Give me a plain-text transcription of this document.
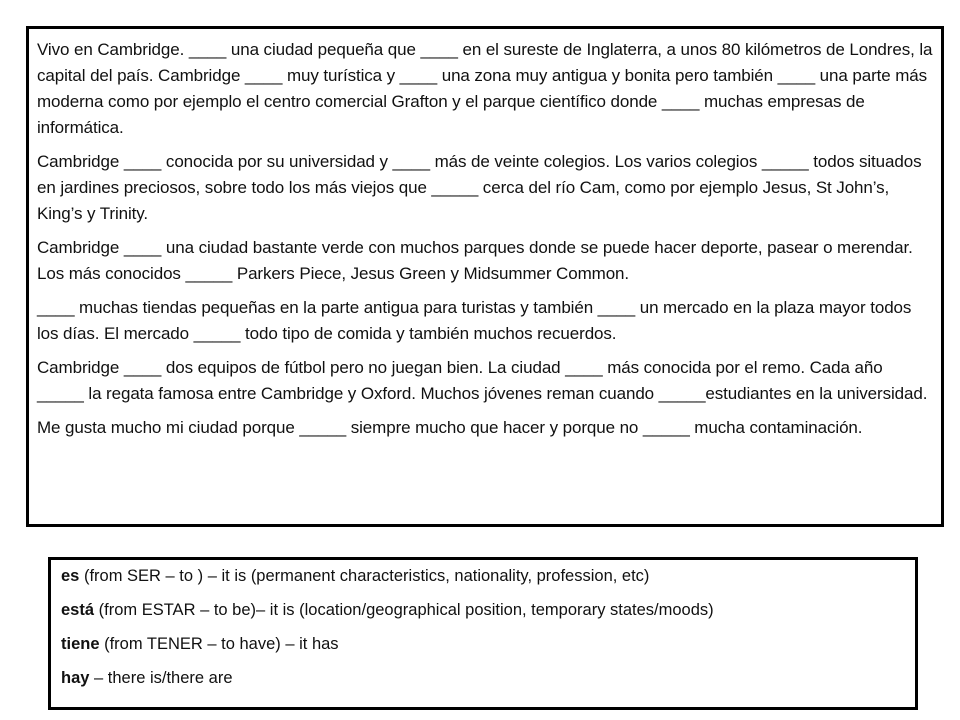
Vivo en Cambridge. ____ una ciudad pequeña que ____ en el sureste de Inglaterra, a unos 80 kilómetros de Londres, la capital del país. Cambridge ____ muy turística y ____ una zona muy antigua y bonita pero también ____ una parte más moderna como por ejemplo el centro comercial Grafton y el parque científico donde ____ muchas empresas de informática.

Cambridge ____ conocida por su universidad y ____ más de veinte colegios. Los varios colegios _____ todos situados en jardines preciosos, sobre todo los más viejos que _____ cerca del río Cam, como por ejemplo Jesus, St John’s, King’s y Trinity.

Cambridge ____ una ciudad bastante verde con muchos parques donde se puede hacer deporte, pasear o merendar. Los más conocidos _____ Parkers Piece, Jesus Green y Midsummer Common.

____ muchas tiendas pequeñas en la parte antigua para turistas y también ____ un mercado en la plaza mayor todos los días. El mercado _____ todo tipo de comida y también muchos recuerdos.

Cambridge ____ dos equipos de fútbol pero no juegan bien. La ciudad ____ más conocida por el remo. Cada año _____ la regata famosa entre Cambridge y Oxford. Muchos jóvenes reman cuando _____estudiantes en la universidad.

Me gusta mucho mi ciudad porque _____ siempre mucho que hacer y porque no _____ mucha contaminación.

es (from SER – to ) – it is (permanent characteristics, nationality, profession, etc)

está (from ESTAR – to be)– it is (location/geographical position, temporary states/moods)

tiene (from TENER – to have) – it has

hay – there is/there are
